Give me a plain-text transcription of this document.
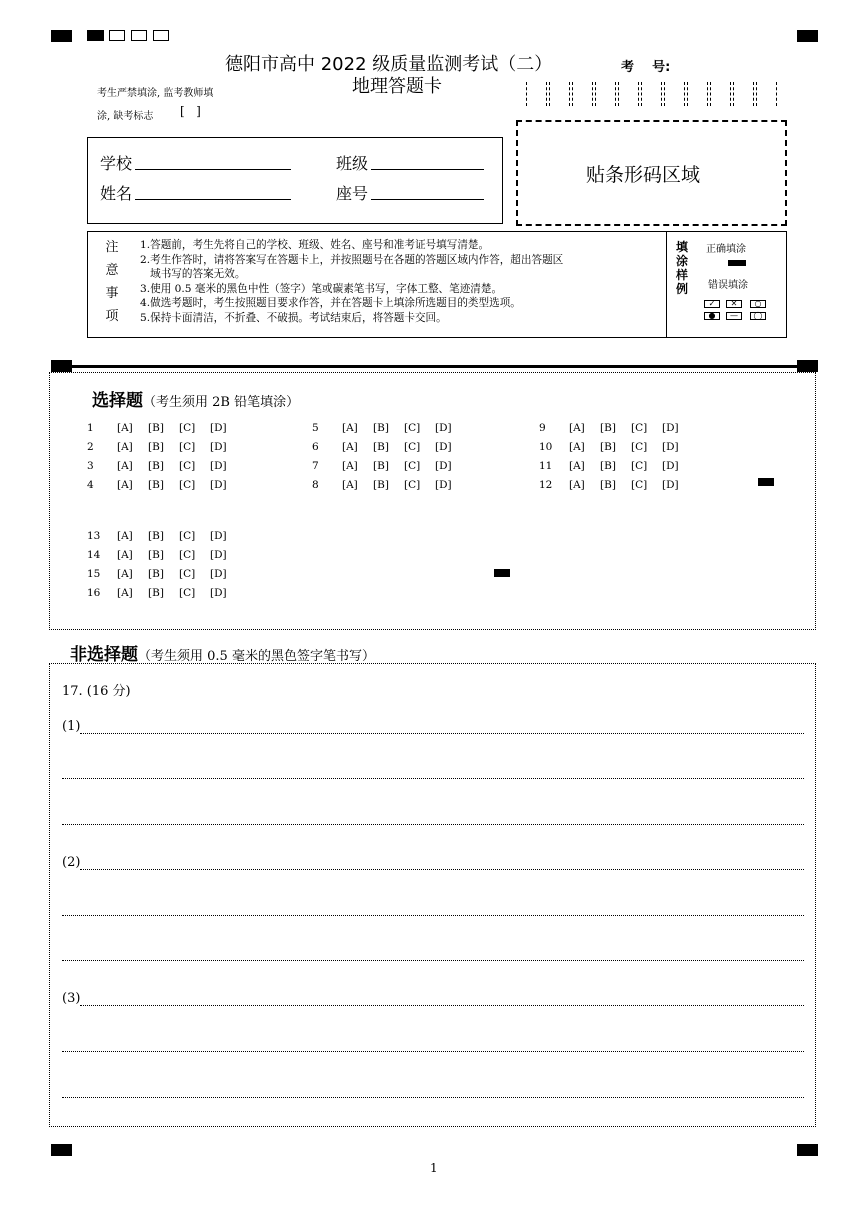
德阳市高中 2022 级质量监测考试（二）
地理答题卡
考    号:
考生严禁填涂, 监考教师填
涂, 缺考标志 [   ]
贴条形码区域
学校	班级
姓名	座号
注
意
事
项
1.答题前，考生先将自己的学校、班级、姓名、座号和准考证号填写清楚。
2.考生作答时，请将答案写在答题卡上，并按照题号在各题的答题区域内作答，超出答题区
域书写的答案无效。
3.使用 0.5 毫米的黑色中性（签字）笔或碳素笔书写，字体工整、笔迹清楚。
4.做选考题时，考生按照题目要求作答，并在答题卡上填涂所选题目的类型选项。
5.保持卡面清洁，不折叠、不破损。考试结束后，将答题卡交回。
填
涂
样
例
正确填涂
错误填涂
✓	✕	○
●	—	◯
选择题（考生须用 2B 铅笔填涂）
1 [A] [B] [C] [D]
2 [A] [B] [C] [D]
3 [A] [B] [C] [D]
4 [A] [B] [C] [D]
5 [A] [B] [C] [D]
6 [A] [B] [C] [D]
7 [A] [B] [C] [D]
8 [A] [B] [C] [D]
9 [A] [B] [C] [D]
10 [A] [B] [C] [D]
11 [A] [B] [C] [D]
12 [A] [B] [C] [D]
13 [A] [B] [C] [D]
14 [A] [B] [C] [D]
15 [A] [B] [C] [D]
16 [A] [B] [C] [D]
非选择题（考生须用 0.5 毫米的黑色签字笔书写）
17. (16 分)
(1)
(2)
(3)
1
